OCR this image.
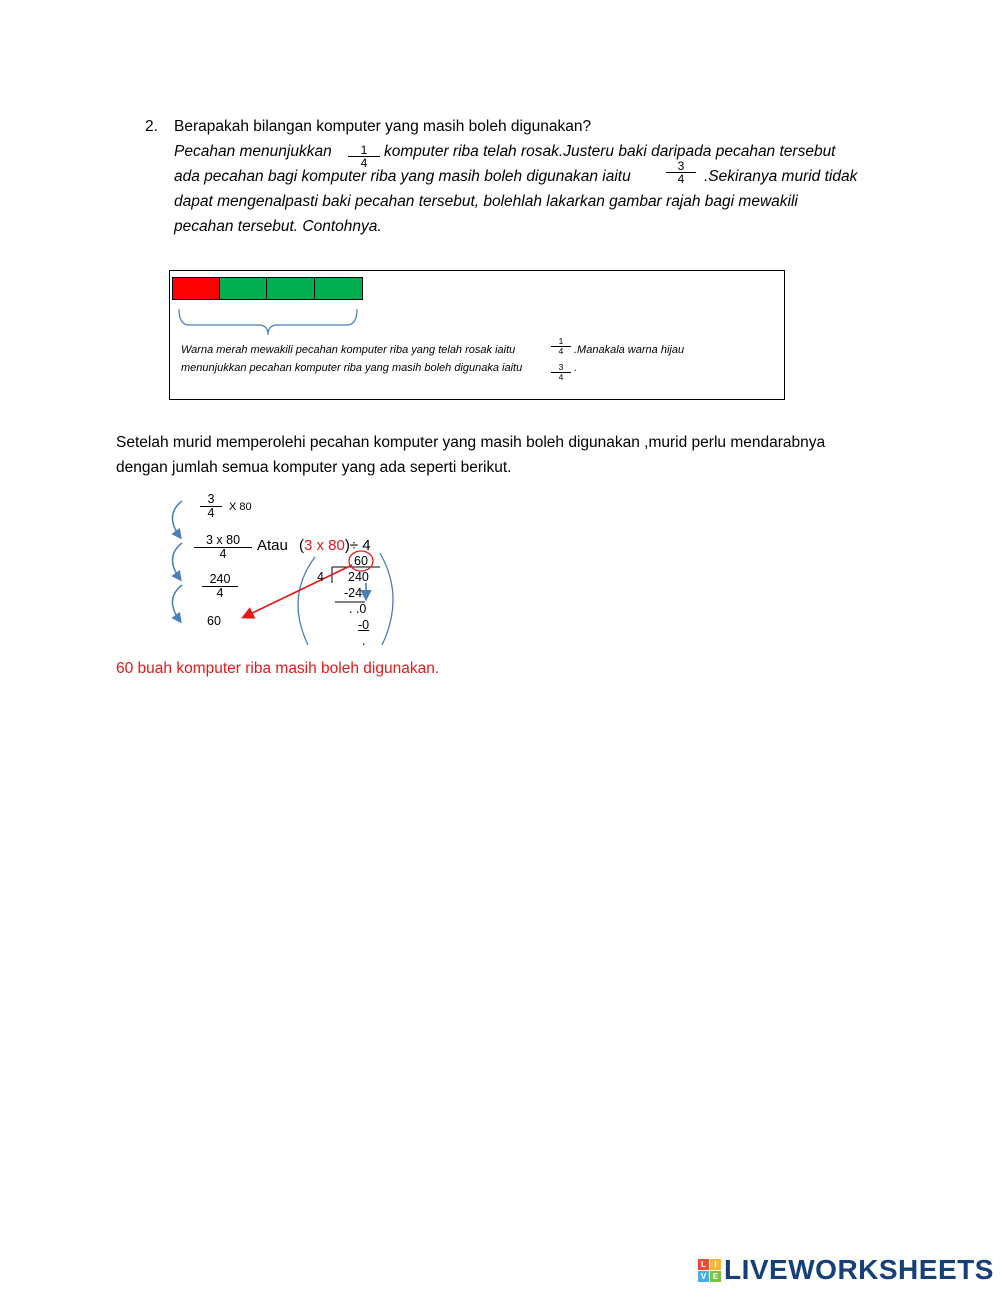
2. Berapakah bilangan komputer yang masih boleh digunakan?
Pecahan menunjukkan	1
4
komputer riba telah rosak.Justeru baki daripada pecahan tersebut
ada pecahan bagi komputer riba yang masih boleh digunakan iaitu
3
4	.Sekiranya murid tidak
dapat mengenalpasti baki pecahan tersebut, bolehlah lakarkan gambar rajah bagi mewakili
pecahan tersebut. Contohnya.
Warna merah mewakili pecahan komputer riba yang telah rosak iaitu
1
4 .Manakala warna hijau
menunjukkan pecahan komputer riba yang masih boleh digunaka iaitu	3
4
.
Setelah murid memperolehi pecahan komputer yang masih boleh digunakan ,murid perlu mendarabnya
dengan jumlah semua komputer yang ada seperti berikut.
3
4	X 80
3 x 80
4	Atau (3 x 80)÷ 4
240
4
60
60
4 240
-24
. .0
-0
.
60 buah komputer riba masih boleh digunakan.
L	I
V E LIVEWORKSHEETS
